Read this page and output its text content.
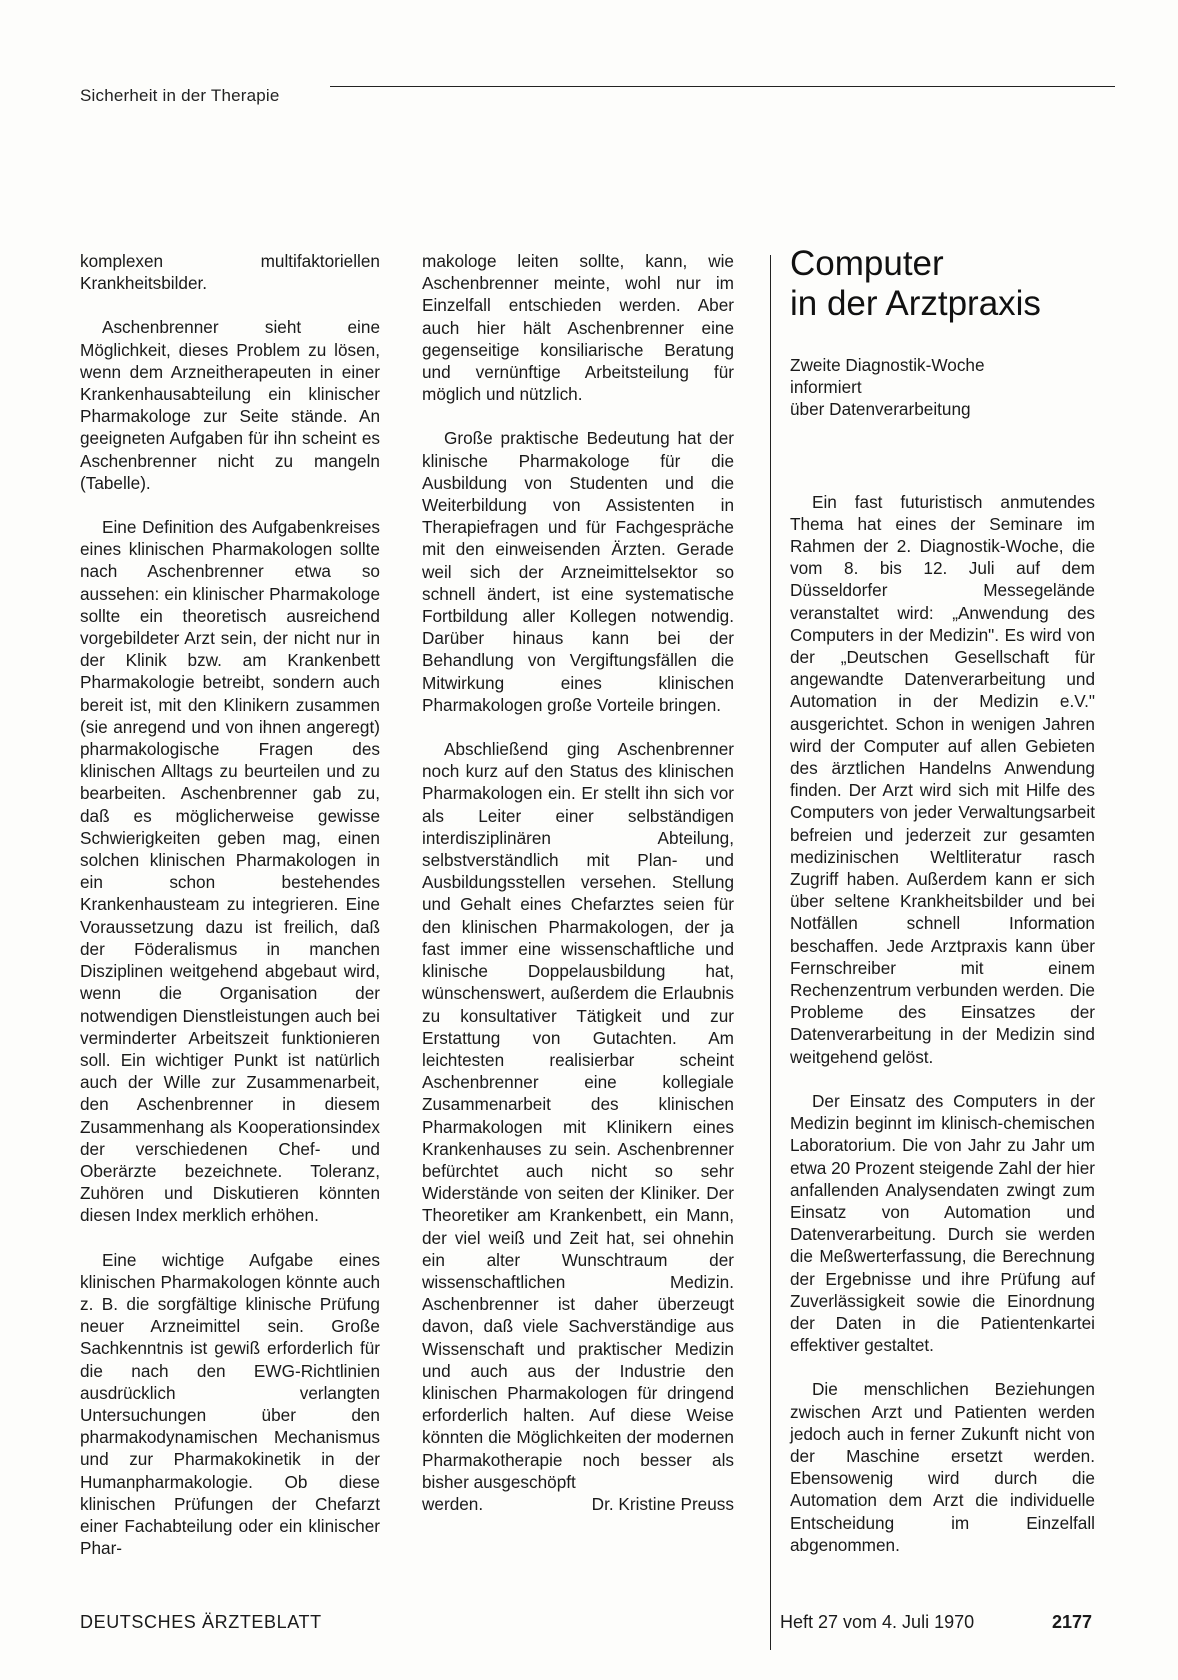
Sicherheit in der Therapie

komplexen multifaktoriellen Krankheitsbilder.

Aschenbrenner sieht eine Möglichkeit, dieses Problem zu lösen, wenn dem Arzneitherapeuten in einer Krankenhausabteilung ein klinischer Pharmakologe zur Seite stände. An geeigneten Aufgaben für ihn scheint es Aschenbrenner nicht zu mangeln (Tabelle).

Eine Definition des Aufgabenkreises eines klinischen Pharmakologen sollte nach Aschenbrenner etwa so aussehen: ein klinischer Pharmakologe sollte ein theoretisch ausreichend vorgebildeter Arzt sein, der nicht nur in der Klinik bzw. am Krankenbett Pharmakologie betreibt, sondern auch bereit ist, mit den Klinikern zusammen (sie anregend und von ihnen angeregt) pharmakologische Fragen des klinischen Alltags zu beurteilen und zu bearbeiten. Aschenbrenner gab zu, daß es möglicherweise gewisse Schwierigkeiten geben mag, einen solchen klinischen Pharmakologen in ein schon bestehendes Krankenhausteam zu integrieren. Eine Voraussetzung dazu ist freilich, daß der Föderalismus in manchen Disziplinen weitgehend abgebaut wird, wenn die Organisation der notwendigen Dienstleistungen auch bei verminderter Arbeitszeit funktionieren soll. Ein wichtiger Punkt ist natürlich auch der Wille zur Zusammenarbeit, den Aschenbrenner in diesem Zusammenhang als Kooperationsindex der verschiedenen Chef- und Oberärzte bezeichnete. Toleranz, Zuhören und Diskutieren könnten diesen Index merklich erhöhen.

Eine wichtige Aufgabe eines klinischen Pharmakologen könnte auch z. B. die sorgfältige klinische Prüfung neuer Arzneimittel sein. Große Sachkenntnis ist gewiß erforderlich für die nach den EWG-Richtlinien ausdrücklich verlangten Untersuchungen über den pharmakodynamischen Mechanismus und zur Pharmakokinetik in der Humanpharmakologie. Ob diese klinischen Prüfungen der Chefarzt einer Fachabteilung oder ein klinischer Phar-

makologe leiten sollte, kann, wie Aschenbrenner meinte, wohl nur im Einzelfall entschieden werden. Aber auch hier hält Aschenbrenner eine gegenseitige konsiliarische Beratung und vernünftige Arbeitsteilung für möglich und nützlich.

Große praktische Bedeutung hat der klinische Pharmakologe für die Ausbildung von Studenten und die Weiterbildung von Assistenten in Therapiefragen und für Fachgespräche mit den einweisenden Ärzten. Gerade weil sich der Arzneimittelsektor so schnell ändert, ist eine systematische Fortbildung aller Kollegen notwendig. Darüber hinaus kann bei der Behandlung von Vergiftungsfällen die Mitwirkung eines klinischen Pharmakologen große Vorteile bringen.

Abschließend ging Aschenbrenner noch kurz auf den Status des klinischen Pharmakologen ein. Er stellt ihn sich vor als Leiter einer selbständigen interdisziplinären Abteilung, selbstverständlich mit Plan- und Ausbildungsstellen versehen. Stellung und Gehalt eines Chefarztes seien für den klinischen Pharmakologen, der ja fast immer eine wissenschaftliche und klinische Doppelausbildung hat, wünschenswert, außerdem die Erlaubnis zu konsultativer Tätigkeit und zur Erstattung von Gutachten. Am leichtesten realisierbar scheint Aschenbrenner eine kollegiale Zusammenarbeit des klinischen Pharmakologen mit Klinikern eines Krankenhauses zu sein. Aschenbrenner befürchtet auch nicht so sehr Widerstände von seiten der Kliniker. Der Theoretiker am Krankenbett, ein Mann, der viel weiß und Zeit hat, sei ohnehin ein alter Wunschtraum der wissenschaftlichen Medizin. Aschenbrenner ist daher überzeugt davon, daß viele Sachverständige aus Wissenschaft und praktischer Medizin und auch aus der Industrie den klinischen Pharmakologen für dringend erforderlich halten. Auf diese Weise könnten die Möglichkeiten der modernen Pharmakotherapie noch besser als bisher ausgeschöpft

werden.	Dr. Kristine Preuss
Computer
in der Arztpraxis
Zweite Diagnostik-Woche
informiert
über Datenverarbeitung

Ein fast futuristisch anmutendes Thema hat eines der Seminare im Rahmen der 2. Diagnostik-Woche, die vom 8. bis 12. Juli auf dem Düsseldorfer Messegelände veranstaltet wird: „Anwendung des Computers in der Medizin". Es wird von der „Deutschen Gesellschaft für angewandte Datenverarbeitung und Automation in der Medizin e.V." ausgerichtet. Schon in wenigen Jahren wird der Computer auf allen Gebieten des ärztlichen Handelns Anwendung finden. Der Arzt wird sich mit Hilfe des Computers von jeder Verwaltungsarbeit befreien und jederzeit zur gesamten medizinischen Weltliteratur rasch Zugriff haben. Außerdem kann er sich über seltene Krankheitsbilder und bei Notfällen schnell Information beschaffen. Jede Arztpraxis kann über Fernschreiber mit einem Rechenzentrum verbunden werden. Die Probleme des Einsatzes der Datenverarbeitung in der Medizin sind weitgehend gelöst.

Der Einsatz des Computers in der Medizin beginnt im klinisch-chemischen Laboratorium. Die von Jahr zu Jahr um etwa 20 Prozent steigende Zahl der hier anfallenden Analysendaten zwingt zum Einsatz von Automation und Datenverarbeitung. Durch sie werden die Meßwerterfassung, die Berechnung der Ergebnisse und ihre Prüfung auf Zuverlässigkeit sowie die Einordnung der Daten in die Patientenkartei effektiver gestaltet.

Die menschlichen Beziehungen zwischen Arzt und Patienten werden jedoch auch in ferner Zukunft nicht von der Maschine ersetzt werden. Ebensowenig wird durch die Automation dem Arzt die individuelle Entscheidung im Einzelfall abgenommen.

DEUTSCHES ÄRZTEBLATT	Heft 27 vom 4. Juli 1970	2177
